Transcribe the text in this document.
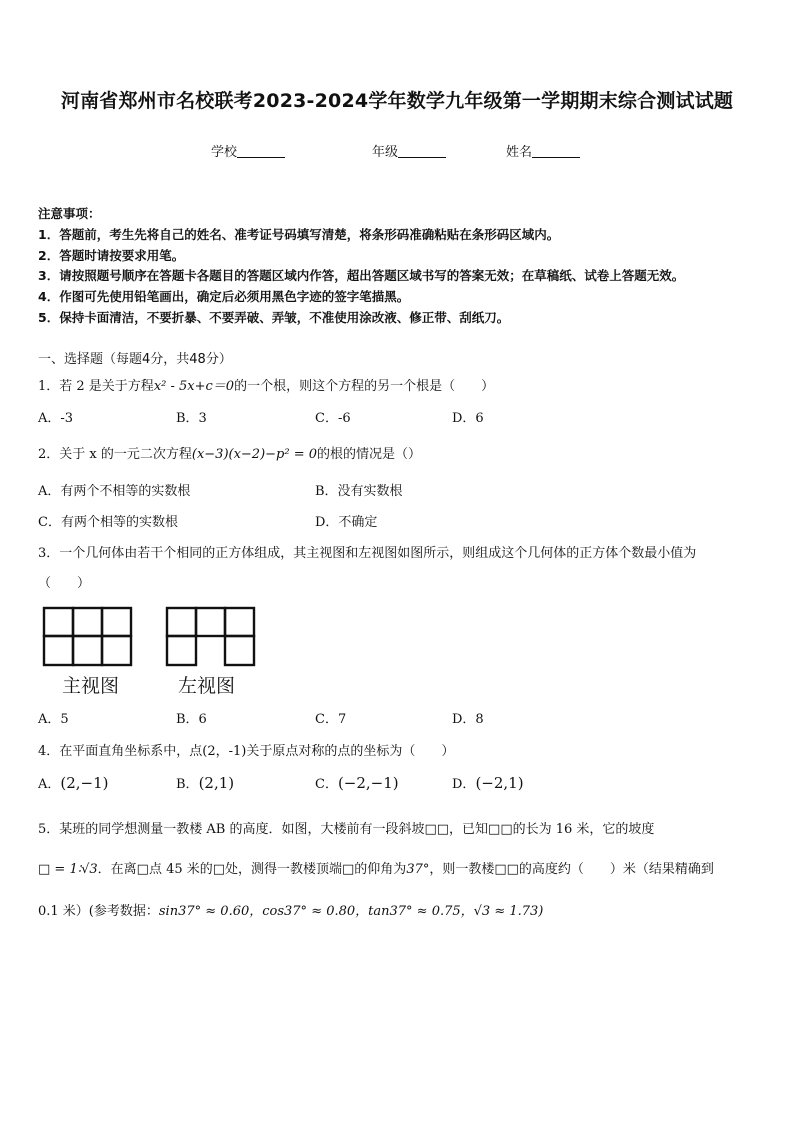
河南省郑州市名校联考2023-2024学年数学九年级第一学期期末综合测试试题
学校	年级	姓名
注意事项：
1．答题前，考生先将自己的姓名、准考证号码填写清楚，将条形码准确粘贴在条形码区域内。
2．答题时请按要求用笔。
3．请按照题号顺序在答题卡各题目的答题区域内作答，超出答题区域书写的答案无效；在草稿纸、试卷上答题无效。
4．作图可先使用铅笔画出，确定后必须用黑色字迹的签字笔描黑。
5．保持卡面清洁，不要折暴、不要弄破、弄皱，不准使用涂改液、修正带、刮纸刀。
一、选择题（每题4分，共48分）
1．若 2 是关于方程x² - 5x+c＝0的一个根，则这个方程的另一个根是（　　）
A．-3	B．3	C．-6	D．6
2．关于 x 的一元二次方程(x−3)(x−2)−p² = 0的根的情况是（）
A．有两个不相等的实数根	B．没有实数根
C．有两个相等的实数根	D．不确定
3．一个几何体由若干个相同的正方体组成，其主视图和左视图如图所示，则组成这个几何体的正方体个数最小值为
（　　）
主视图	左视图
A．5	B．6	C．7	D．8
4．在平面直角坐标系中，点(2，-1)关于原点对称的点的坐标为（　　）
A．(2,−1)	B．(2,1)	C．(−2,−1)	D．(−2,1)
5．某班的同学想测量一教楼 AB 的高度．如图，大楼前有一段斜坡□□，已知□□的长为 16 米，它的坡度
□ = 1∶√3．在离□点 45 米的□处，测得一教楼顶端□的仰角为37°，则一教楼□□的高度约（　　）米（结果精确到
0.1 米）(参考数据：sin37° ≈ 0.60，cos37° ≈ 0.80，tan37° ≈ 0.75，√3 ≈ 1.73)
